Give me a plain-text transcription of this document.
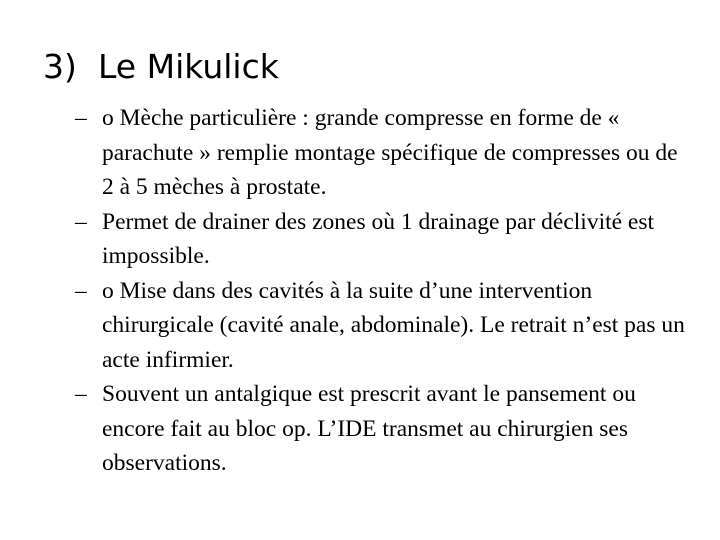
3) Le Mikulick
– o Mèche particulière : grande compresse en forme de « parachute » remplie montage spécifique de compresses ou de 2 à 5 mèches à prostate.
– Permet de drainer des zones où 1 drainage par déclivité est impossible.
– o Mise dans des cavités à la suite d’une intervention chirurgicale (cavité anale, abdominale). Le retrait n’est pas un acte infirmier.
– Souvent un antalgique est prescrit avant le pansement ou encore fait au bloc op. L’IDE transmet au chirurgien ses observations.
